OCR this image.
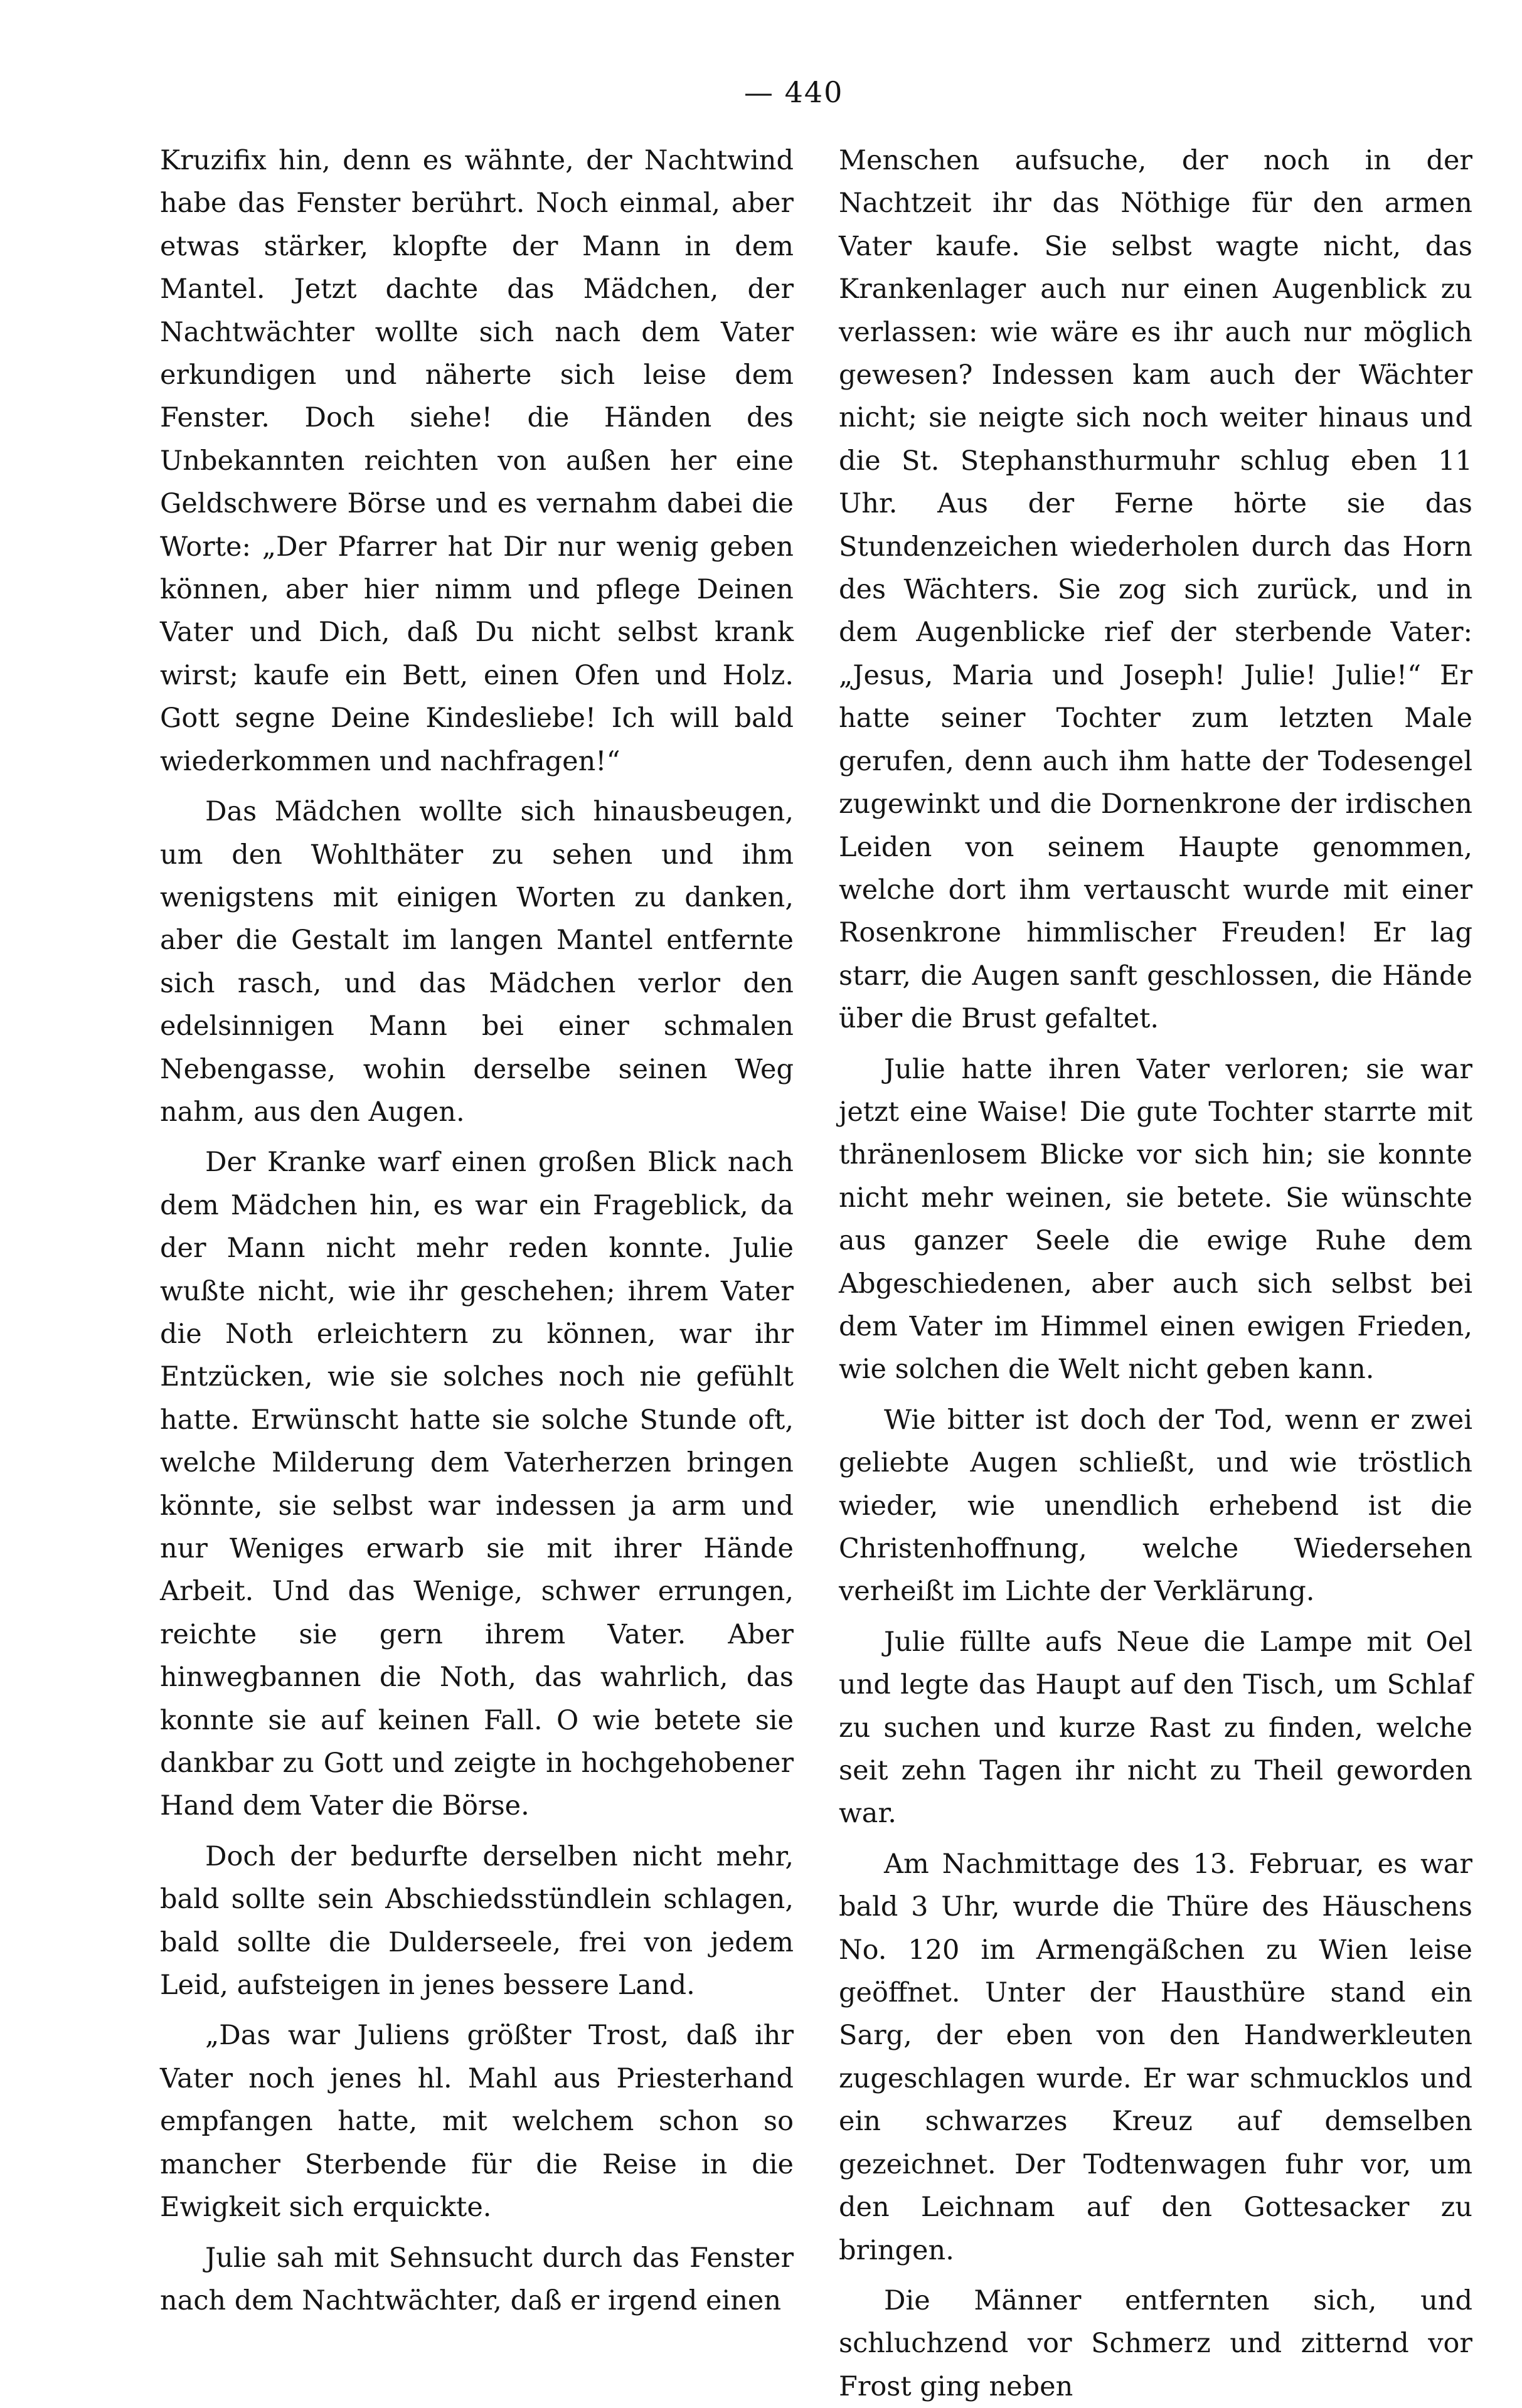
— 440

Kruzifix hin, denn es wähnte, der Nachtwind habe das Fenster berührt. Noch einmal, aber etwas stärker, klopfte der Mann in dem Mantel. Jetzt dachte das Mädchen, der Nachtwächter wollte sich nach dem Vater erkundigen und näherte sich leise dem Fenster. Doch siehe! die Händen des Unbekannten reichten von außen her eine Geldschwere Börse und es vernahm dabei die Worte: „Der Pfarrer hat Dir nur wenig geben können, aber hier nimm und pflege Deinen Vater und Dich, daß Du nicht selbst krank wirst; kaufe ein Bett, einen Ofen und Holz. Gott segne Deine Kindesliebe! Ich will bald wiederkommen und nachfragen!“

Das Mädchen wollte sich hinausbeugen, um den Wohlthäter zu sehen und ihm wenigstens mit einigen Worten zu danken, aber die Gestalt im langen Mantel entfernte sich rasch, und das Mädchen verlor den edelsinnigen Mann bei einer schmalen Nebengasse, wohin derselbe seinen Weg nahm, aus den Augen.

Der Kranke warf einen großen Blick nach dem Mädchen hin, es war ein Frageblick, da der Mann nicht mehr reden konnte. Julie wußte nicht, wie ihr geschehen; ihrem Vater die Noth erleichtern zu können, war ihr Entzücken, wie sie solches noch nie gefühlt hatte. Erwünscht hatte sie solche Stunde oft, welche Milderung dem Vaterherzen bringen könnte, sie selbst war indessen ja arm und nur Weniges erwarb sie mit ihrer Hände Arbeit. Und das Wenige, schwer errungen, reichte sie gern ihrem Vater. Aber hinwegbannen die Noth, das wahrlich, das konnte sie auf keinen Fall. O wie betete sie dankbar zu Gott und zeigte in hochgehobener Hand dem Vater die Börse.

Doch der bedurfte derselben nicht mehr, bald sollte sein Abschiedsstündlein schlagen, bald sollte die Dulderseele, frei von jedem Leid, aufsteigen in jenes bessere Land.

„Das war Juliens größter Trost, daß ihr Vater noch jenes hl. Mahl aus Priesterhand empfangen hatte, mit welchem schon so mancher Sterbende für die Reise in die Ewigkeit sich erquickte.

Julie sah mit Sehnsucht durch das Fenster nach dem Nachtwächter, daß er irgend einen

Menschen aufsuche, der noch in der Nachtzeit ihr das Nöthige für den armen Vater kaufe. Sie selbst wagte nicht, das Krankenlager auch nur einen Augenblick zu verlassen: wie wäre es ihr auch nur möglich gewesen? Indessen kam auch der Wächter nicht; sie neigte sich noch weiter hinaus und die St. Stephansthurmuhr schlug eben 11 Uhr. Aus der Ferne hörte sie das Stundenzeichen wiederholen durch das Horn des Wächters. Sie zog sich zurück, und in dem Augenblicke rief der sterbende Vater: „Jesus, Maria und Joseph! Julie! Julie!“ Er hatte seiner Tochter zum letzten Male gerufen, denn auch ihm hatte der Todesengel zugewinkt und die Dornenkrone der irdischen Leiden von seinem Haupte genommen, welche dort ihm vertauscht wurde mit einer Rosenkrone himmlischer Freuden! Er lag starr, die Augen sanft geschlossen, die Hände über die Brust gefaltet.

Julie hatte ihren Vater verloren; sie war jetzt eine Waise! Die gute Tochter starrte mit thränenlosem Blicke vor sich hin; sie konnte nicht mehr weinen, sie betete. Sie wünschte aus ganzer Seele die ewige Ruhe dem Abgeschiedenen, aber auch sich selbst bei dem Vater im Himmel einen ewigen Frieden, wie solchen die Welt nicht geben kann.

Wie bitter ist doch der Tod, wenn er zwei geliebte Augen schließt, und wie tröstlich wieder, wie unendlich erhebend ist die Christenhoffnung, welche Wiedersehen verheißt im Lichte der Verklärung.

Julie füllte aufs Neue die Lampe mit Oel und legte das Haupt auf den Tisch, um Schlaf zu suchen und kurze Rast zu finden, welche seit zehn Tagen ihr nicht zu Theil geworden war.

Am Nachmittage des 13. Februar, es war bald 3 Uhr, wurde die Thüre des Häuschens No. 120 im Armengäßchen zu Wien leise geöffnet. Unter der Hausthüre stand ein Sarg, der eben von den Handwerkleuten zugeschlagen wurde. Er war schmucklos und ein schwarzes Kreuz auf demselben gezeichnet. Der Todtenwagen fuhr vor, um den Leichnam auf den Gottesacker zu bringen.

Die Männer entfernten sich, und schluchzend vor Schmerz und zitternd vor Frost ging neben
